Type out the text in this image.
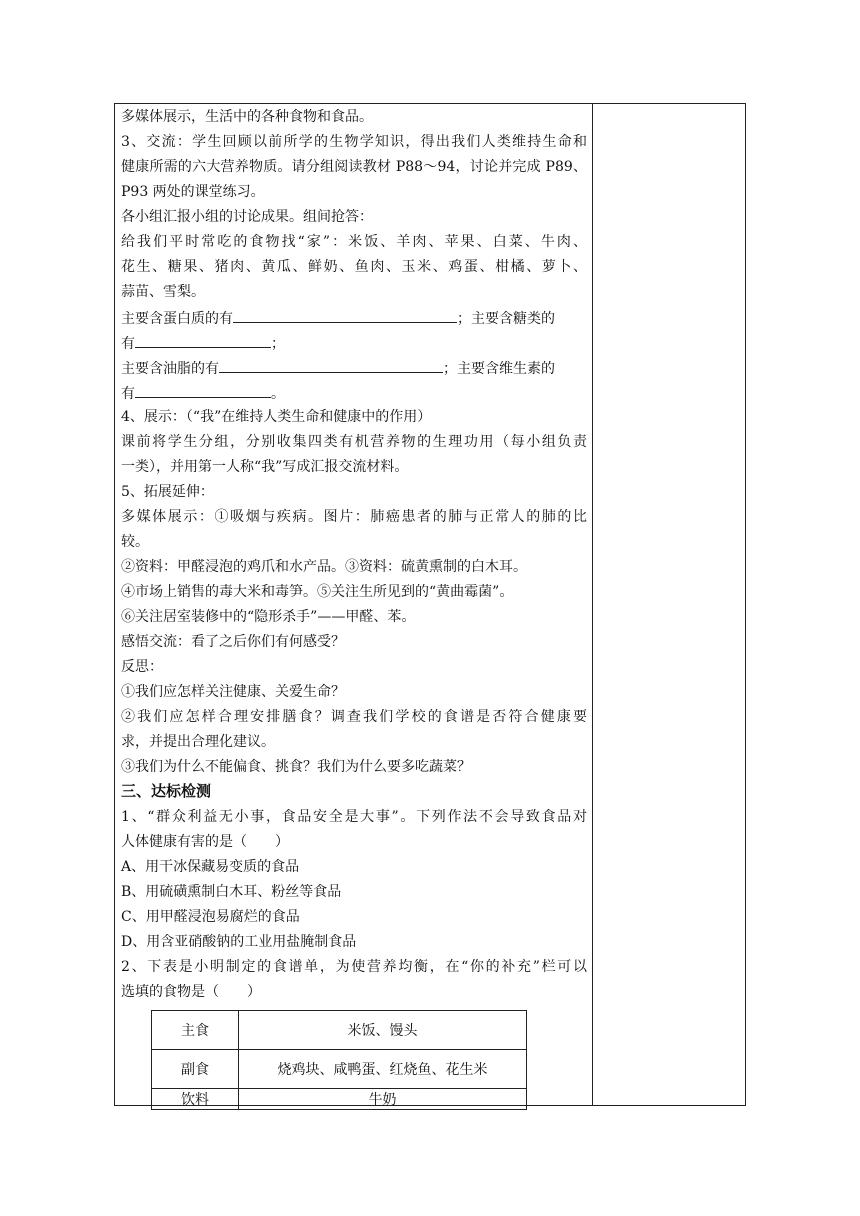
多媒体展示，生活中的各种食物和食品。
3、交流：学生回顾以前所学的生物学知识，得出我们人类维持生命和
健康所需的六大营养物质。请分组阅读教材 P88～94，讨论并完成 P89、
P93 两处的课堂练习。
各小组汇报小组的讨论成果。组间抢答：
给我们平时常吃的食物找“家”：米饭、羊肉、苹果、白菜、牛肉、
花生、糖果、猪肉、黄瓜、鲜奶、鱼肉、玉米、鸡蛋、柑橘、萝卜、
蒜苗、雪梨。
主要含蛋白质的有	；主要含糖类的
有	；
主要含油脂的有	；主要含维生素的
有	。
4、展示：（“我”在维持人类生命和健康中的作用）
课前将学生分组，分别收集四类有机营养物的生理功用（每小组负责
一类），并用第一人称“我”写成汇报交流材料。
5、拓展延伸：
多媒体展示：①吸烟与疾病。图片：肺癌患者的肺与正常人的肺的比
较。
②资料：甲醛浸泡的鸡爪和水产品。③资料：硫黄熏制的白木耳。
④市场上销售的毒大米和毒笋。⑤关注生所见到的“黄曲霉菌”。
⑥关注居室装修中的“隐形杀手”——甲醛、苯。
感悟交流：看了之后你们有何感受？
反思：
①我们应怎样关注健康、关爱生命？
②我们应怎样合理安排膳食？调查我们学校的食谱是否符合健康要
求，并提出合理化建议。
③我们为什么不能偏食、挑食？我们为什么要多吃蔬菜？
三、达标检测
1、“群众利益无小事，食品安全是大事”。下列作法不会导致食品对
人体健康有害的是（　　）
A、用干冰保藏易变质的食品
B、用硫磺熏制白木耳、粉丝等食品
C、用甲醛浸泡易腐烂的食品
D、用含亚硝酸钠的工业用盐腌制食品
2、下表是小明制定的食谱单，为使营养均衡，在“你的补充”栏可以
选填的食物是（　　）
主食	米饭、馒头
副食	烧鸡块、咸鸭蛋、红烧鱼、花生米
饮料	牛奶
